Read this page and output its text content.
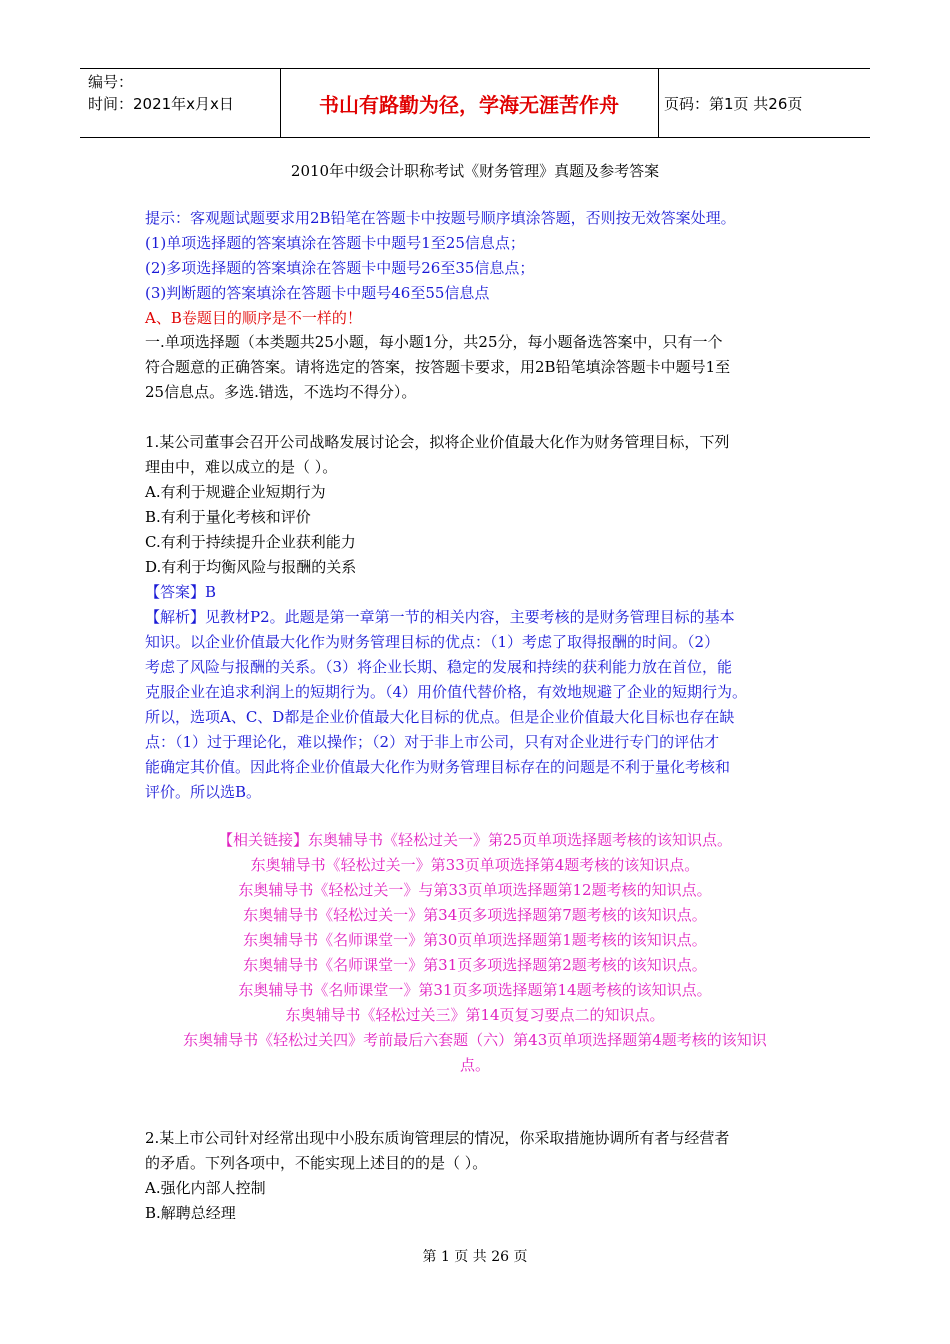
编号：
时间：2021年x月x日	书山有路勤为径，学海无涯苦作舟	页码：第1页 共26页
2010年中级会计职称考试《财务管理》真题及参考答案
提示：客观题试题要求用2B铅笔在答题卡中按题号顺序填涂答题，否则按无效答案处理。
(1)单项选择题的答案填涂在答题卡中题号1至25信息点；
(2)多项选择题的答案填涂在答题卡中题号26至35信息点；
(3)判断题的答案填涂在答题卡中题号46至55信息点
A、B卷题目的顺序是不一样的！
一.单项选择题（本类题共25小题，每小题1分，共25分，每小题备选答案中，只有一个
符合题意的正确答案。请将选定的答案，按答题卡要求，用2B铅笔填涂答题卡中题号1至
25信息点。多选.错选，不选均不得分）。
1.某公司董事会召开公司战略发展讨论会，拟将企业价值最大化作为财务管理目标，下列
理由中，难以成立的是（ ）。
A.有利于规避企业短期行为
B.有利于量化考核和评价
C.有利于持续提升企业获利能力
D.有利于均衡风险与报酬的关系
【答案】B
【解析】见教材P2。此题是第一章第一节的相关内容，主要考核的是财务管理目标的基本
知识。以企业价值最大化作为财务管理目标的优点：（1）考虑了取得报酬的时间。（2）
考虑了风险与报酬的关系。（3）将企业长期、稳定的发展和持续的获利能力放在首位，能
克服企业在追求利润上的短期行为。（4）用价值代替价格，有效地规避了企业的短期行为。
所以，选项A、C、D都是企业价值最大化目标的优点。但是企业价值最大化目标也存在缺
点：（1）过于理论化，难以操作；（2）对于非上市公司，只有对企业进行专门的评估才
能确定其价值。因此将企业价值最大化作为财务管理目标存在的问题是不利于量化考核和
评价。所以选B。
【相关链接】东奥辅导书《轻松过关一》第25页单项选择题考核的该知识点。
东奥辅导书《轻松过关一》第33页单项选择第4题考核的该知识点。
东奥辅导书《轻松过关一》与第33页单项选择题第12题考核的知识点。
东奥辅导书《轻松过关一》第34页多项选择题第7题考核的该知识点。
东奥辅导书《名师课堂一》第30页单项选择题第1题考核的该知识点。
东奥辅导书《名师课堂一》第31页多项选择题第2题考核的该知识点。
东奥辅导书《名师课堂一》第31页多项选择题第14题考核的该知识点。
东奥辅导书《轻松过关三》第14页复习要点二的知识点。
东奥辅导书《轻松过关四》考前最后六套题（六）第43页单项选择题第4题考核的该知识
点。
2.某上市公司针对经常出现中小股东质询管理层的情况，你采取措施协调所有者与经营者
的矛盾。下列各项中，不能实现上述目的的是（ ）。
A.强化内部人控制
B.解聘总经理
第 1 页 共 26 页
